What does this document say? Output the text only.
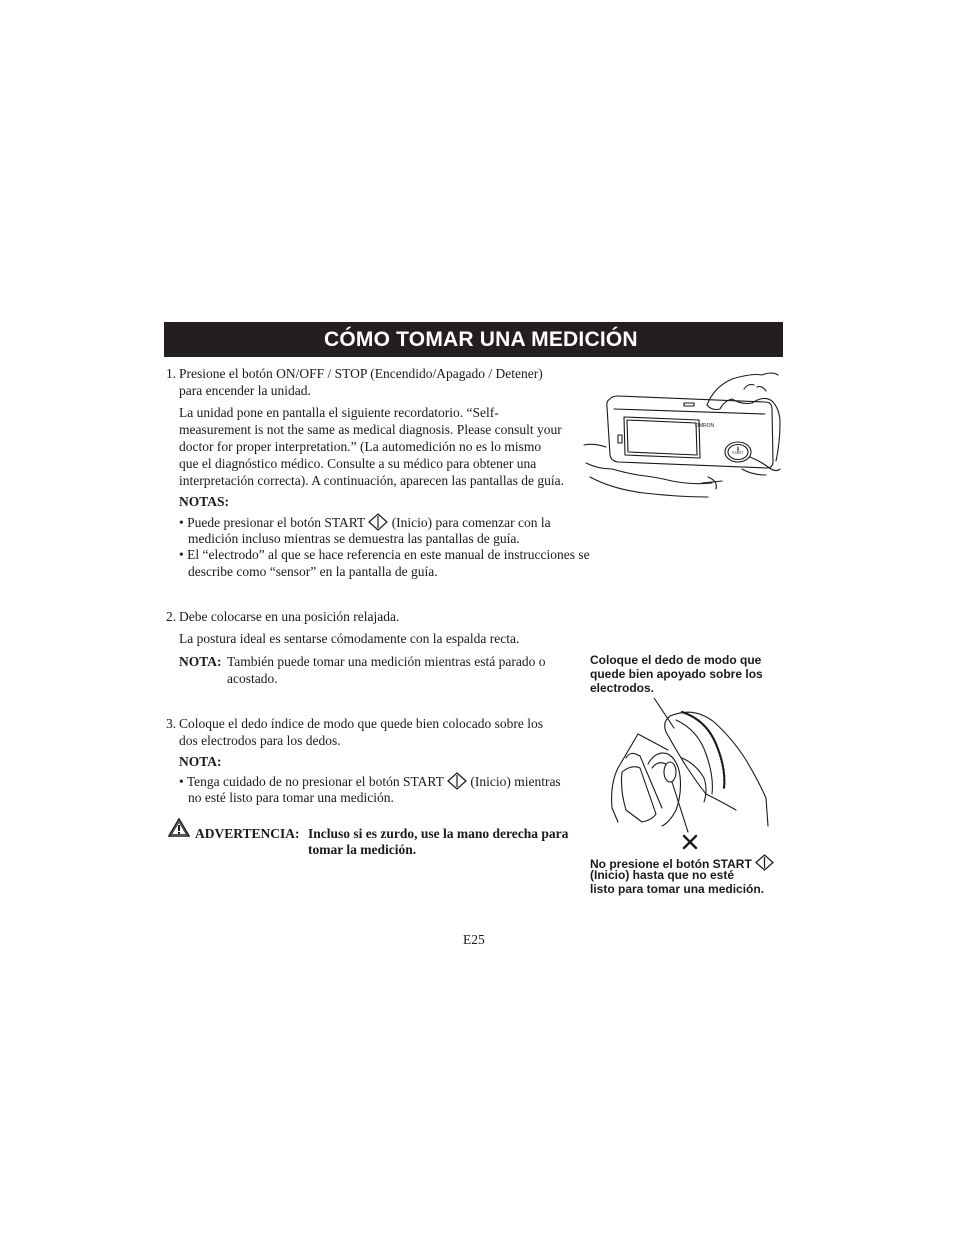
CÓMO TOMAR UNA MEDICIÓN
1. Presione el botón ON/OFF / STOP (Encendido/Apagado / Detener)
para encender la unidad.
La unidad pone en pantalla el siguiente recordatorio. “Self-
measurement is not the same as medical diagnosis. Please consult your
doctor for proper interpretation.” (La automedición no es lo mismo
que el diagnóstico médico. Consulte a su médico para obtener una
interpretación correcta). A continuación, aparecen las pantallas de guía.
NOTAS:
• Puede presionar el botón START (Inicio) para comenzar con la
medición incluso mientras se demuestra las pantallas de guía.
• El “electrodo” al que se hace referencia en este manual de instrucciones se
describe como “sensor” en la pantalla de guía.
2. Debe colocarse en una posición relajada.
La postura ideal es sentarse cómodamente con la espalda recta.
NOTA: También puede tomar una medición mientras está parado o
acostado.
3. Coloque el dedo índice de modo que quede bien colocado sobre los
dos electrodos para los dedos.
NOTA:
• Tenga cuidado de no presionar el botón START (Inicio) mientras
no esté listo para tomar una medición.
ADVERTENCIA: Incluso si es zurdo, use la mano derecha para
tomar la medición.
OMRON
START
Coloque el dedo de modo que
quede bien apoyado sobre los
electrodos.
No presione el botón START
(Inicio) hasta que no esté
listo para tomar una medición.
E25
